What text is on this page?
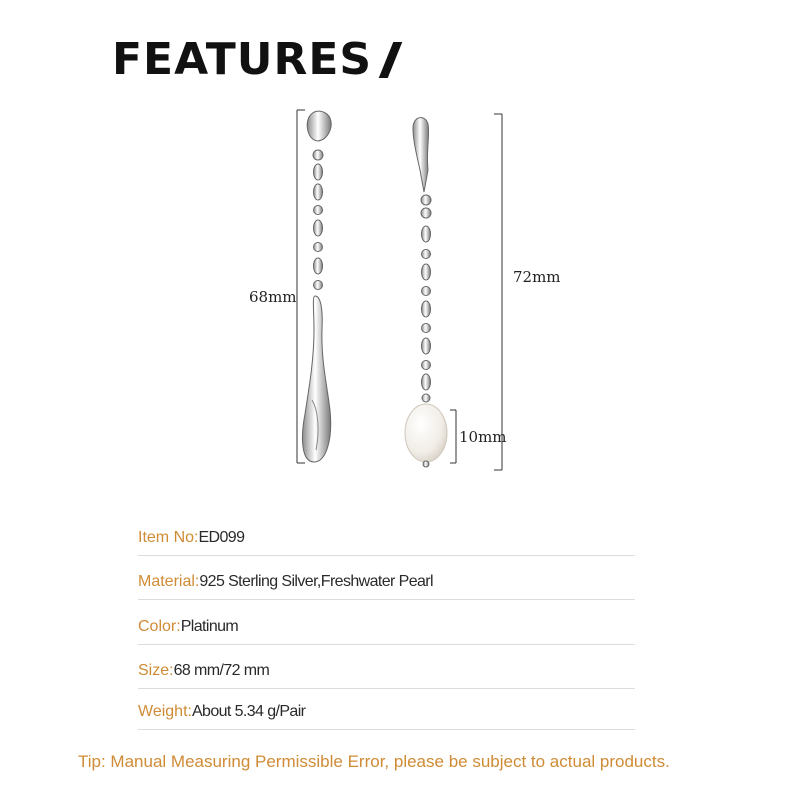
FEATURES
68mm
72mm
10mm
Item No:ED099
Material:925 Sterling Silver,Freshwater Pearl
Color:Platinum
Size:68 mm/72 mm
Weight:About 5.34 g/Pair
Tip: Manual Measuring Permissible Error, please be subject to actual products.
